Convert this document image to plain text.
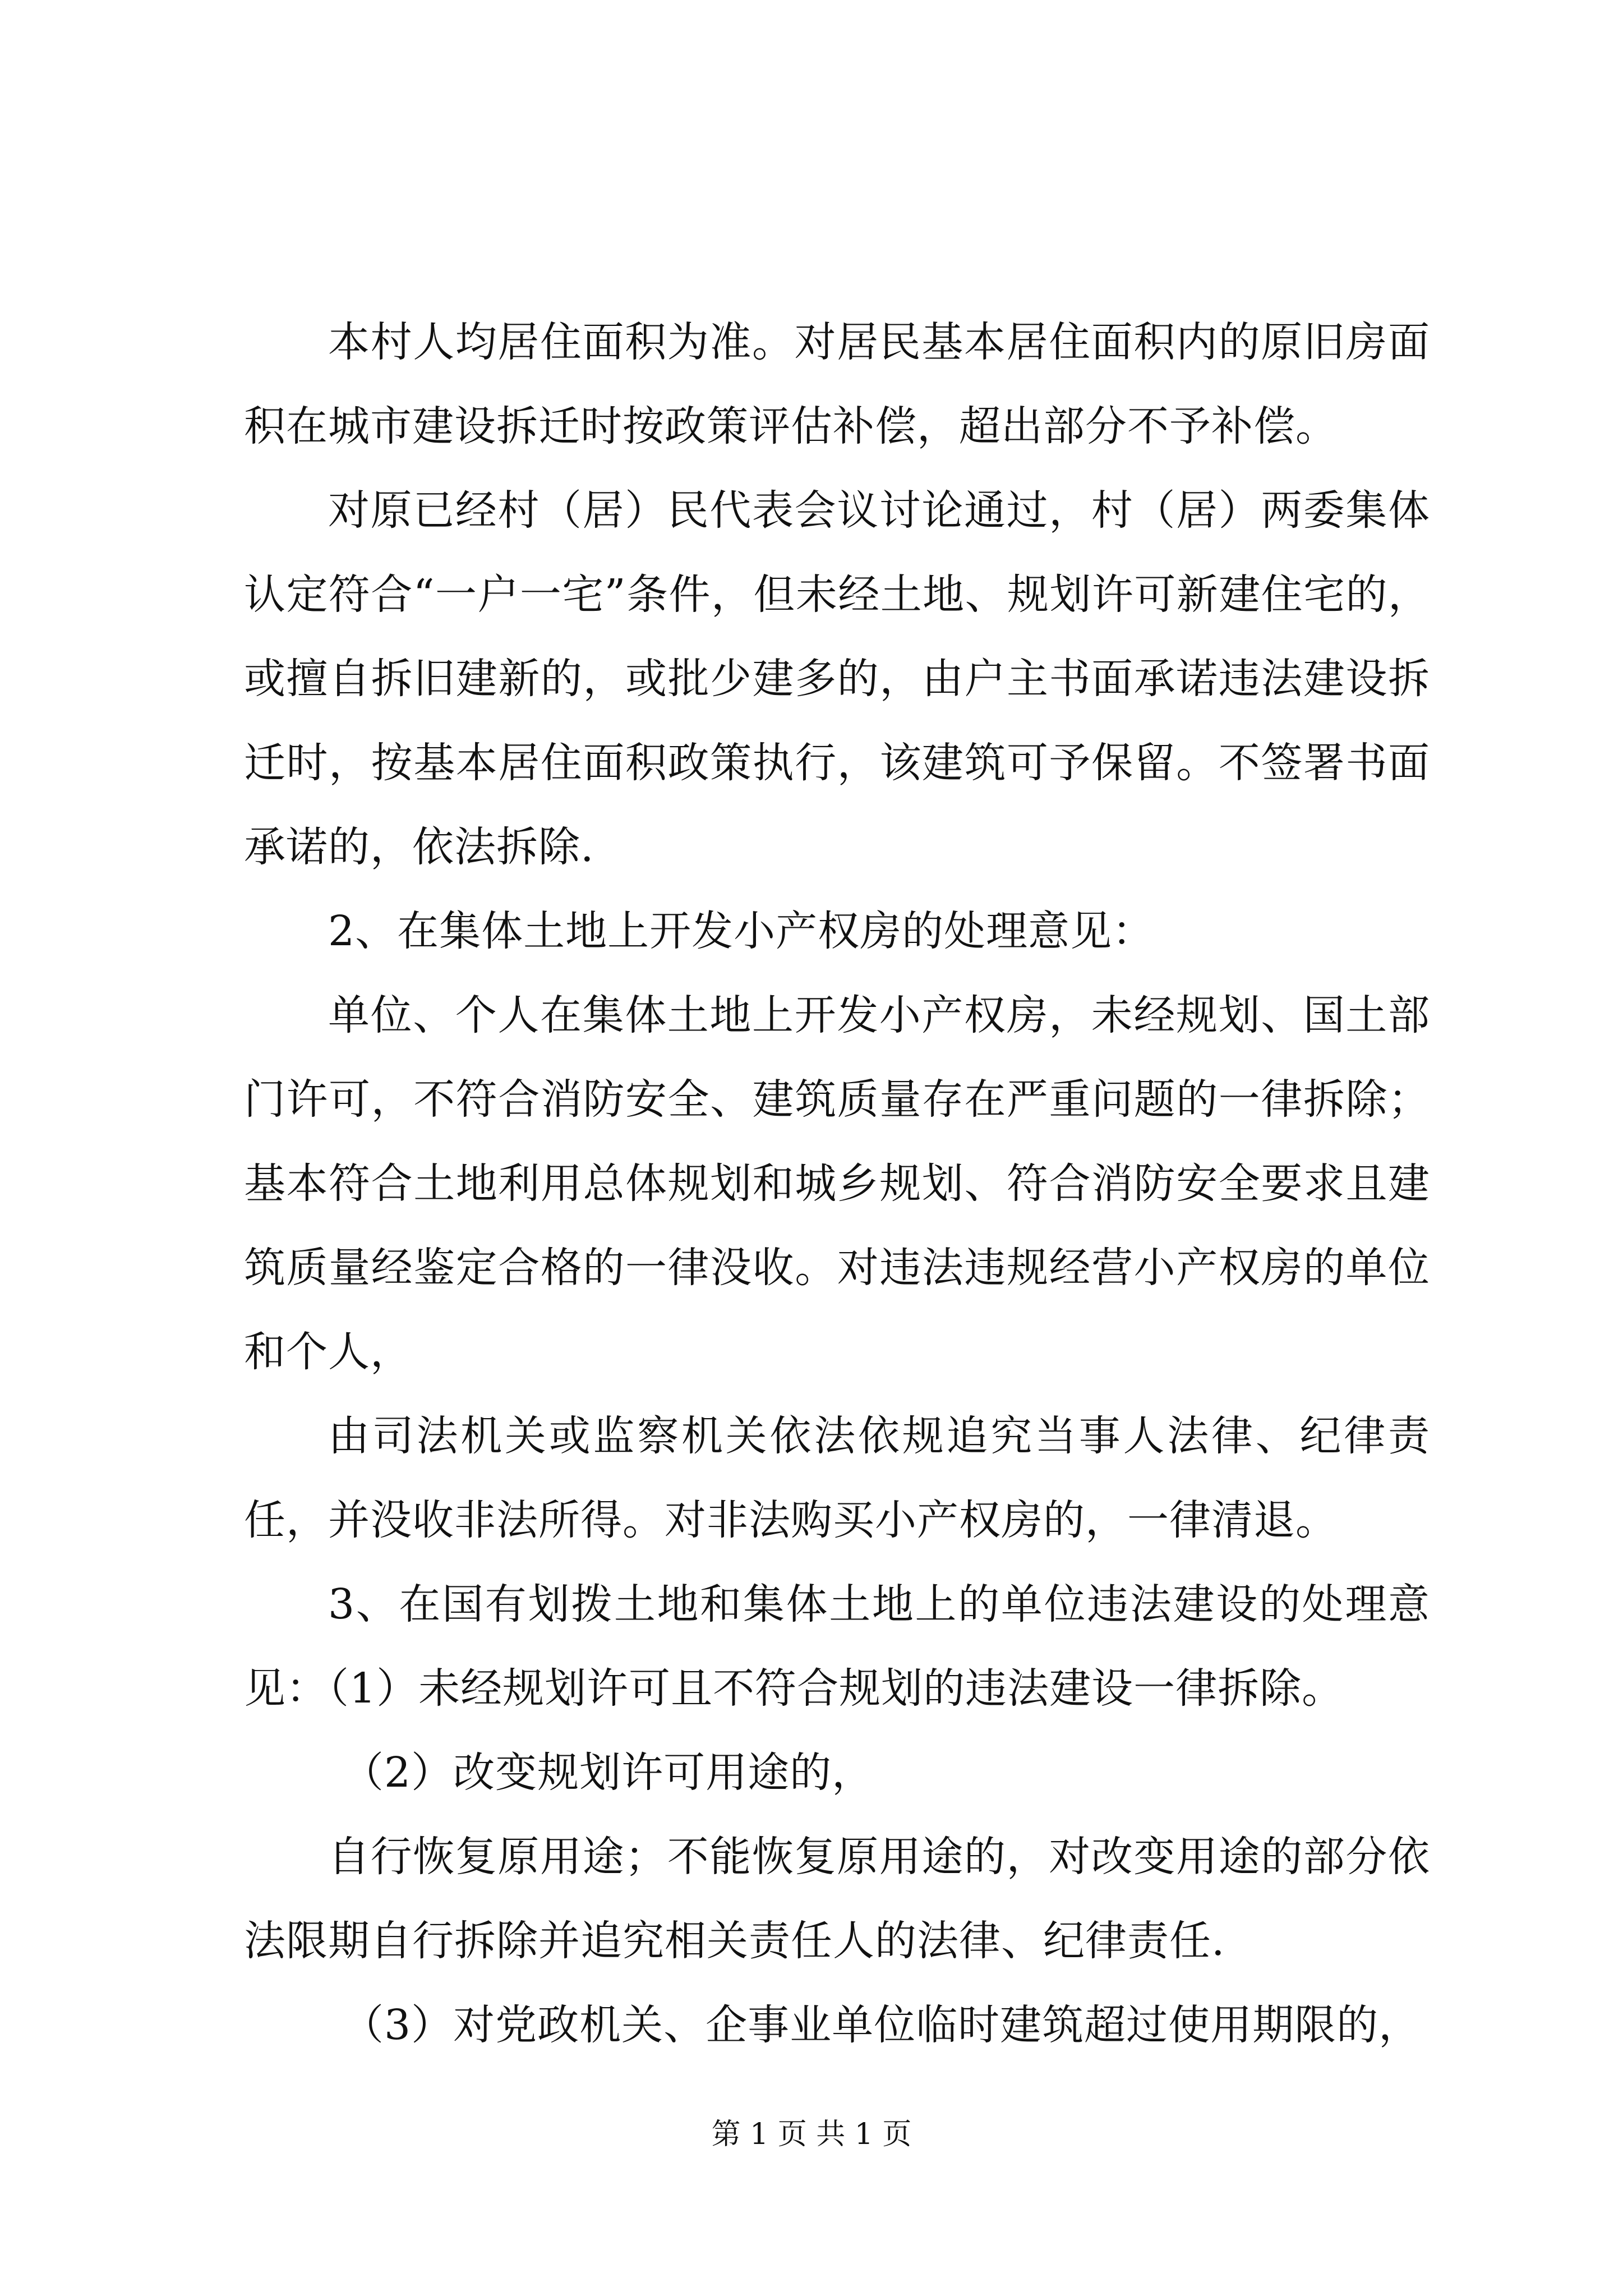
本村人均居住面积为准。对居民基本居住面积内的原旧房面积在城市建设拆迁时按政策评估补偿，超出部分不予补偿。

对原已经村（居）民代表会议讨论通过，村（居）两委集体认定符合“一户一宅”条件，但未经土地、规划许可新建住宅的，或擅自拆旧建新的，或批少建多的，由户主书面承诺违法建设拆迁时，按基本居住面积政策执行，该建筑可予保留。不签署书面承诺的，依法拆除.

2、在集体土地上开发小产权房的处理意见：

单位、个人在集体土地上开发小产权房，未经规划、国土部门许可，不符合消防安全、建筑质量存在严重问题的一律拆除；基本符合土地利用总体规划和城乡规划、符合消防安全要求且建筑质量经鉴定合格的一律没收。对违法违规经营小产权房的单位和个人，

由司法机关或监察机关依法依规追究当事人法律、纪律责任，并没收非法所得。对非法购买小产权房的，一律清退。

3、在国有划拨土地和集体土地上的单位违法建设的处理意见：（1）未经规划许可且不符合规划的违法建设一律拆除。

（2）改变规划许可用途的，

自行恢复原用途；不能恢复原用途的，对改变用途的部分依法限期自行拆除并追究相关责任人的法律、纪律责任.

（3）对党政机关、企事业单位临时建筑超过使用期限的，

第 1 页 共 1 页
